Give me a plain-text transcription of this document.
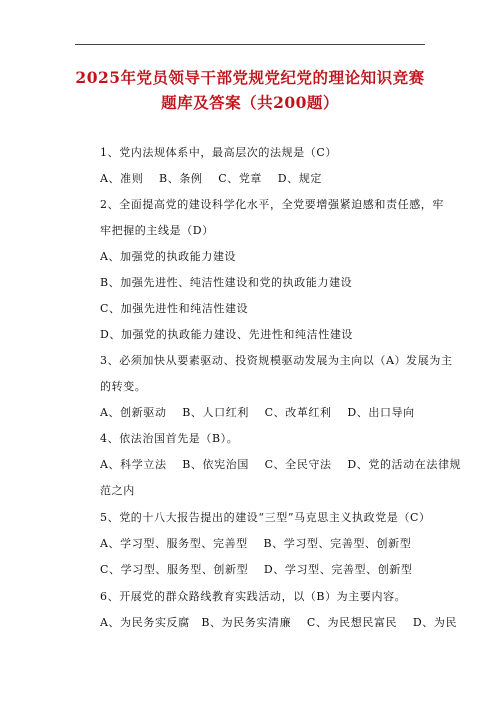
2025年党员领导干部党规党纪党的理论知识竞赛
题库及答案（共200题）
1、党内法规体系中，最高层次的法规是（C）
A、准则　 B、条例　 C、党章　 D、规定
2、全面提高党的建设科学化水平，全党要增强紧迫感和责任感，牢
牢把握的主线是（D）
A、加强党的执政能力建设
B、加强先进性、纯洁性建设和党的执政能力建设
C、加强先进性和纯洁性建设
D、加强党的执政能力建设、先进性和纯洁性建设
3、必须加快从要素驱动、投资规模驱动发展为主向以（A）发展为主
的转变。
A、创新驱动　 B、人口红利　 C、改革红利　 D、出口导向
4、依法治国首先是（B）。
A、科学立法　 B、依宪治国　 C、全民守法　 D、党的活动在法律规
范之内
5、党的十八大报告提出的建设“三型”马克思主义执政党是（C）
A、学习型、服务型、完善型　 B、学习型、完善型、创新型
C、学习型、服务型、创新型　 D、学习型、完善型、创新型
6、开展党的群众路线教育实践活动，以（B）为主要内容。
A、为民务实反腐　B、为民务实清廉　 C、为民想民富民　 D、为民
